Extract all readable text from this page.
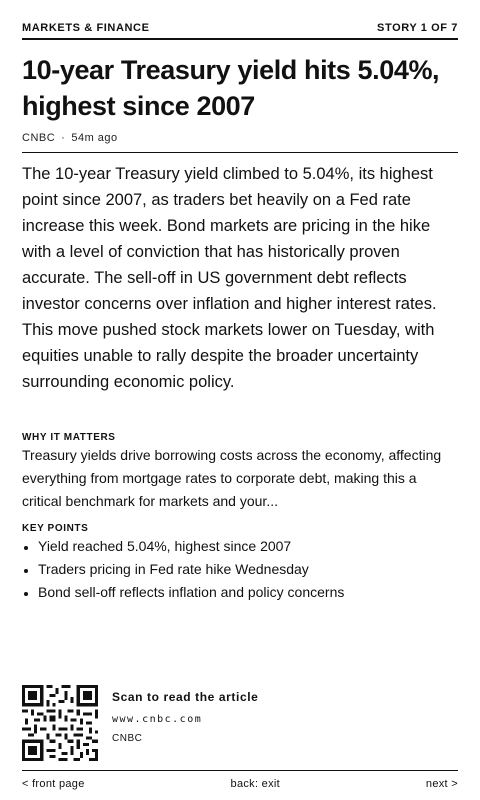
MARKETS & FINANCE	STORY 1 OF 7
10-year Treasury yield hits 5.04%, highest since 2007
CNBC · 54m ago

The 10-year Treasury yield climbed to 5.04%, its highest point since 2007, as traders bet heavily on a Fed rate increase this week. Bond markets are pricing in the hike with a level of conviction that has historically proven accurate. The sell-off in US government debt reflects investor concerns over inflation and higher interest rates. This move pushed stock markets lower on Tuesday, with equities unable to rally despite the broader uncertainty surrounding economic policy.

WHY IT MATTERS

Treasury yields drive borrowing costs across the economy, affecting everything from mortgage rates to corporate debt, making this a critical benchmark for markets and your...

KEY POINTS
Yield reached 5.04%, highest since 2007
Traders pricing in Fed rate hike Wednesday
Bond sell-off reflects inflation and policy concerns
Scan to read the article
www.cnbc.com
CNBC
< front page	back: exit	next >
